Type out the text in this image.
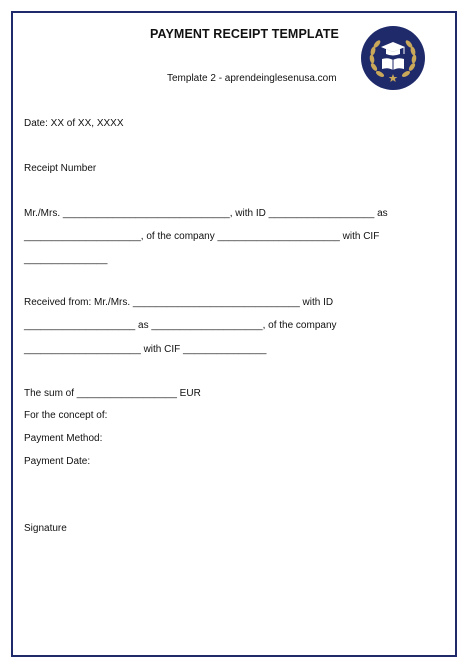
PAYMENT RECEIPT TEMPLATE
Template 2 - aprendeinglesenusa.com
Date: XX of XX, XXXX
Receipt Number
Mr./Mrs. ______________________________, with ID ___________________ as
_____________________, of the company ______________________ with CIF
_______________
Received from: Mr./Mrs. ______________________________ with ID
____________________ as ____________________, of the company
_____________________ with CIF _______________
The sum of __________________ EUR
For the concept of:
Payment Method:
Payment Date:
Signature
